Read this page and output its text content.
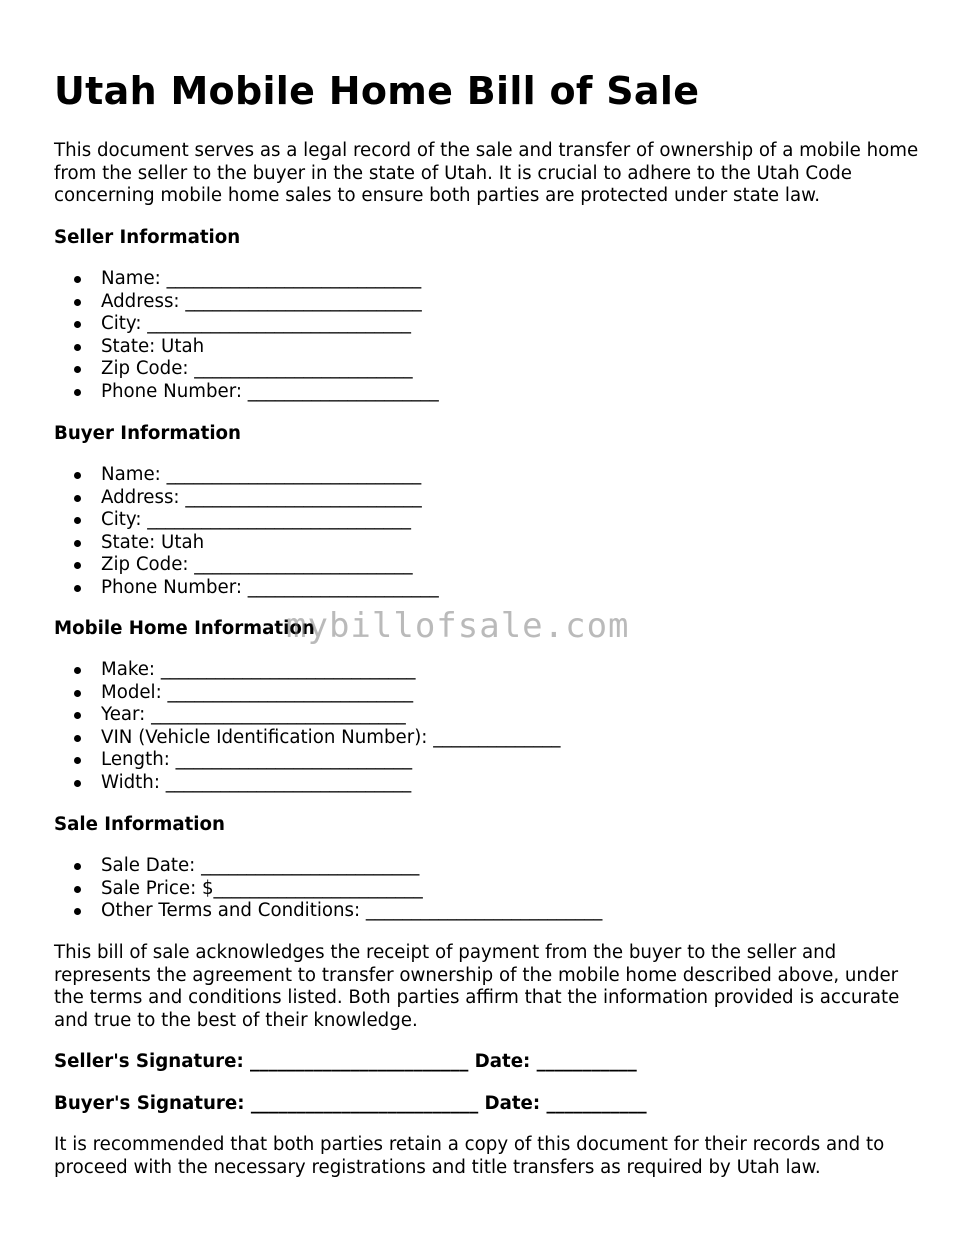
Utah Mobile Home Bill of Sale

This document serves as a legal record of the sale and transfer of ownership of a mobile home from the seller to the buyer in the state of Utah. It is crucial to adhere to the Utah Code concerning mobile home sales to ensure both parties are protected under state law.

Seller Information

Name: ____________________________
Address: __________________________
City: _____________________________
State: Utah
Zip Code: ________________________
Phone Number: _____________________

Buyer Information

Name: ____________________________
Address: __________________________
City: _____________________________
State: Utah
Zip Code: ________________________
Phone Number: _____________________

Mobile Home Information

Make: ____________________________
Model: ___________________________
Year: ____________________________
VIN (Vehicle Identification Number): ______________
Length: __________________________
Width: ___________________________

Sale Information

Sale Date: ________________________
Sale Price: $_______________________
Other Terms and Conditions: __________________________

This bill of sale acknowledges the receipt of payment from the buyer to the seller and represents the agreement to transfer ownership of the mobile home described above, under the terms and conditions listed. Both parties affirm that the information provided is accurate and true to the best of their knowledge.

Seller's Signature: ________________________ Date: ___________

Buyer's Signature: _________________________ Date: ___________

It is recommended that both parties retain a copy of this document for their records and to proceed with the necessary registrations and title transfers as required by Utah law.

mybillofsale.com
